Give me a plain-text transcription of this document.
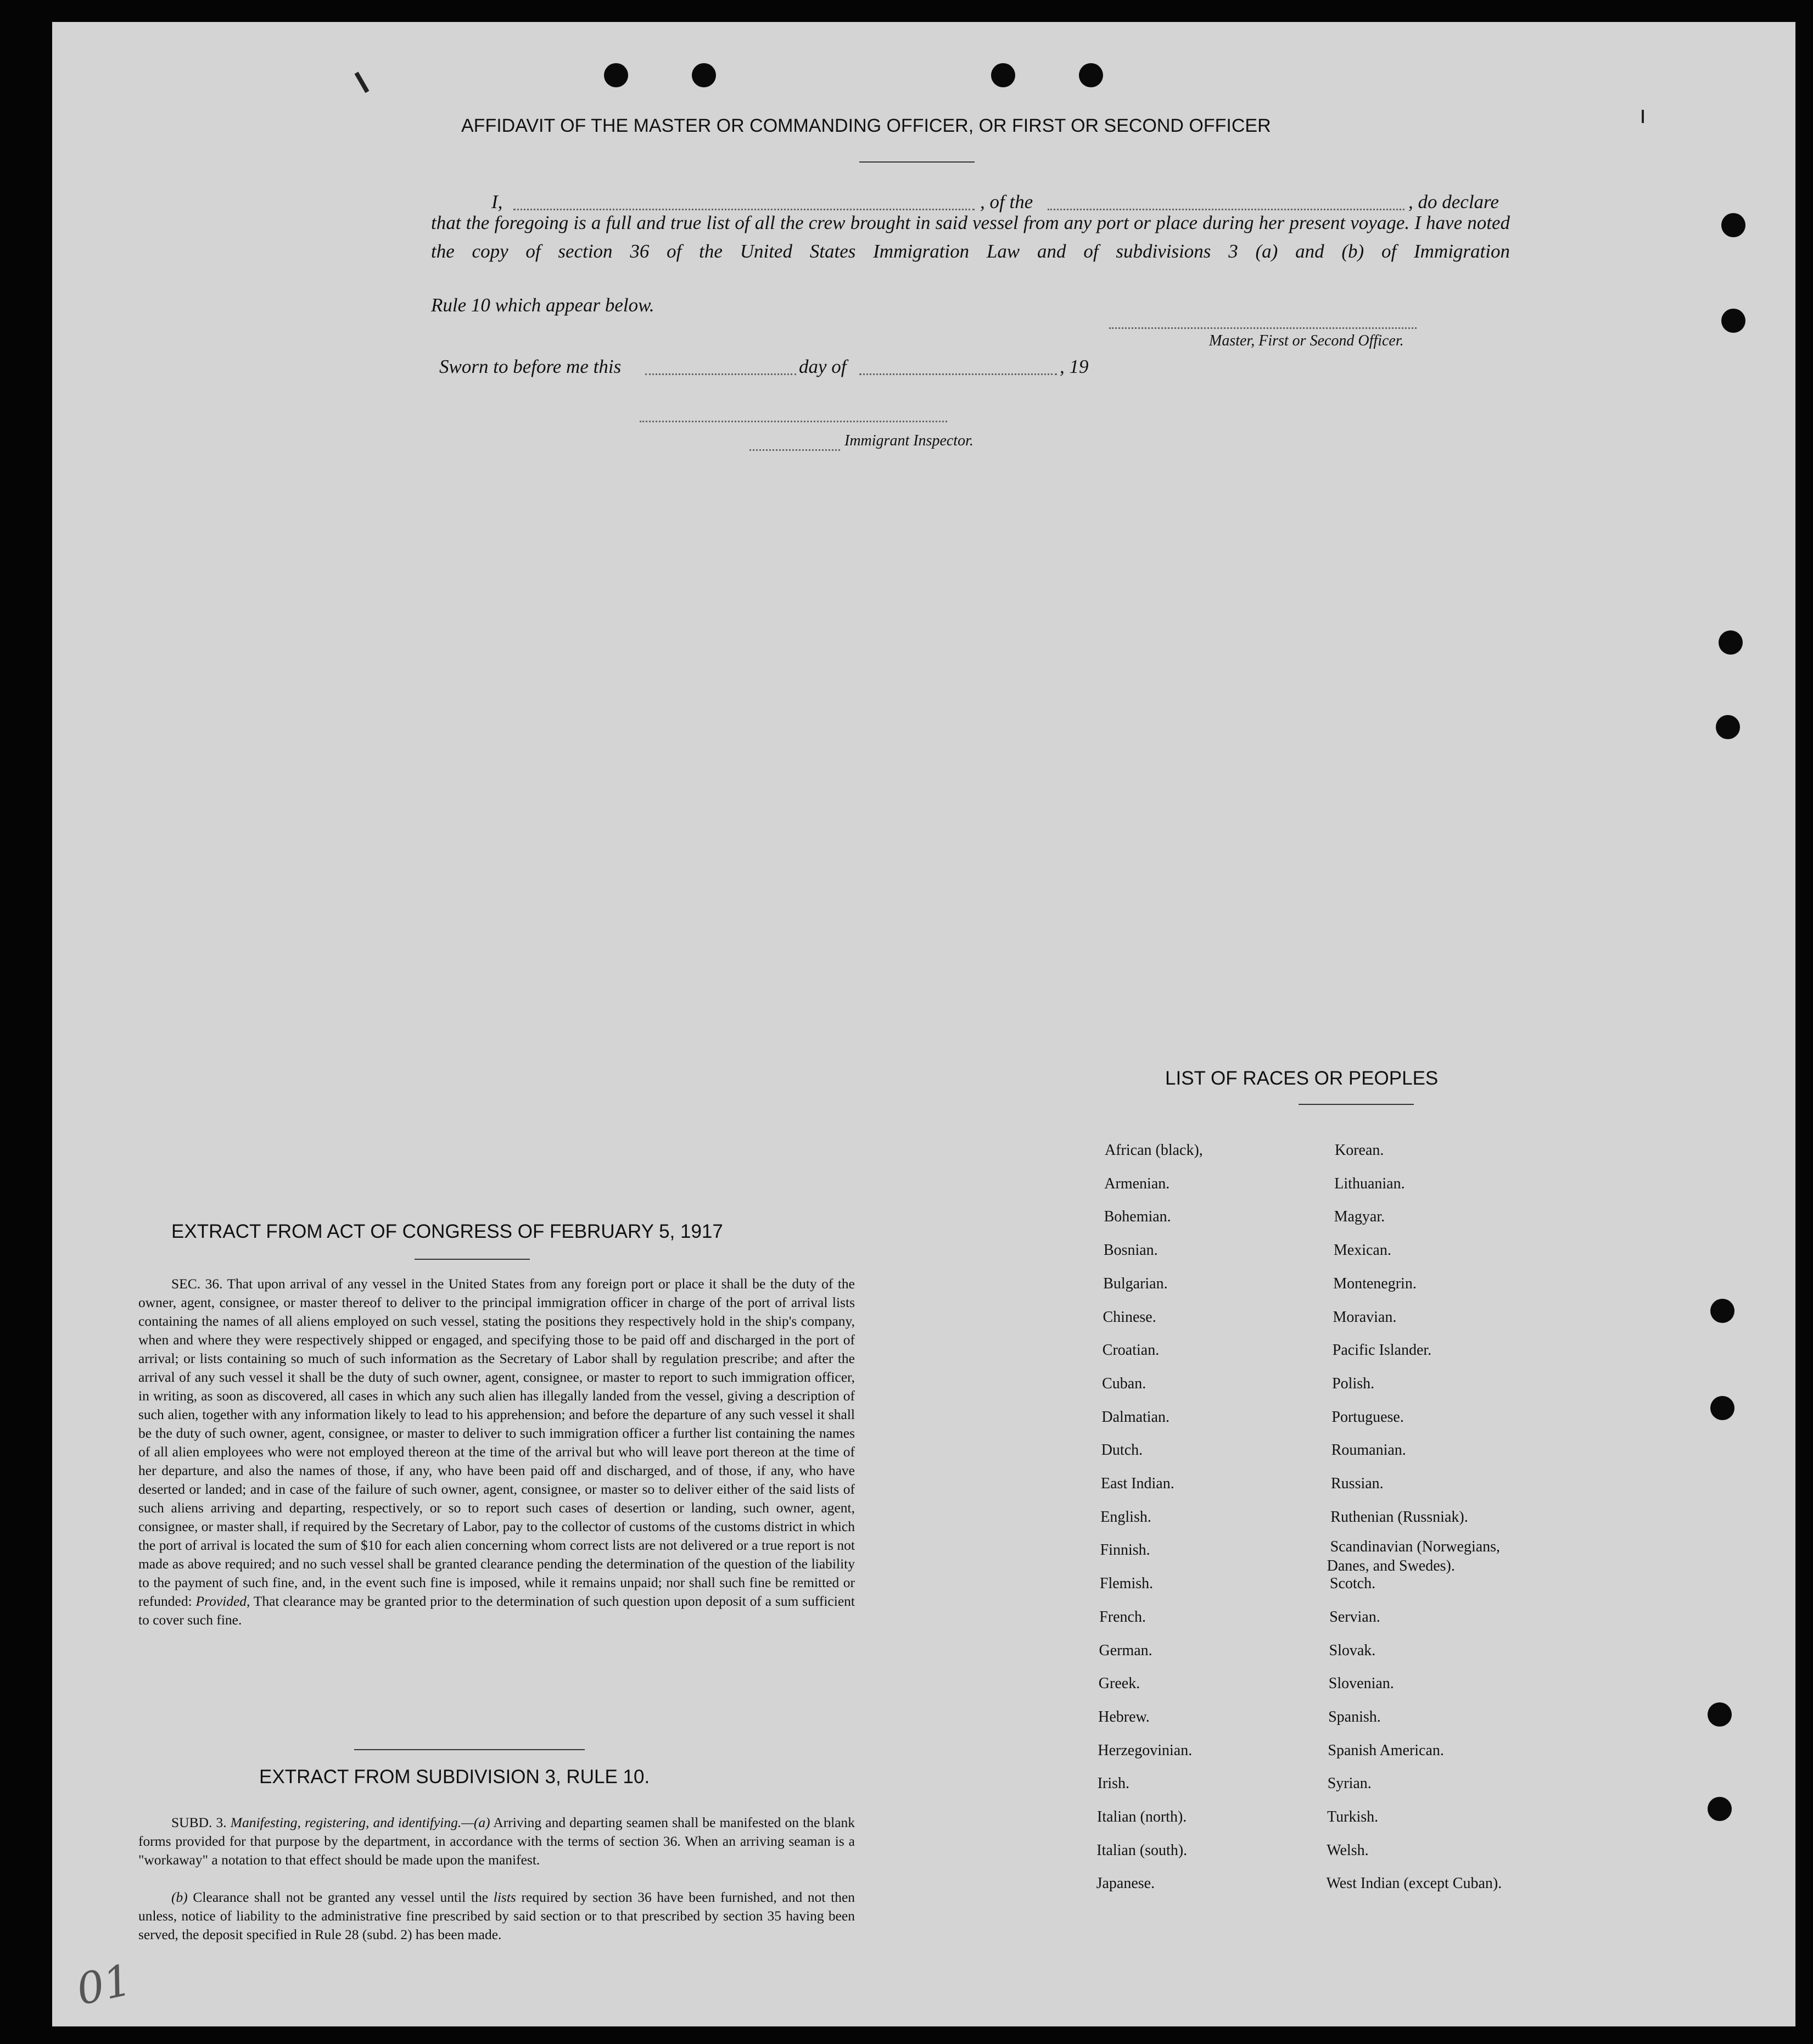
AFFIDAVIT OF THE MASTER OR COMMANDING OFFICER, OR FIRST OR SECOND OFFICER
I,	, of the	, do declare
that the foregoing is a full and true list of all the crew brought in said vessel from any port or place during her present voyage. I have noted the copy of section 36 of the United States Immigration Law and of subdivisions 3 (a) and (b) of Immigration
Rule 10 which appear below.
Master, First or Second Officer.
Sworn to before me this	day of	, 19
Immigrant Inspector.
LIST OF RACES OR PEOPLES
EXTRACT FROM ACT OF CONGRESS OF FEBRUARY 5, 1917
SEC. 36. That upon arrival of any vessel in the United States from any foreign port or place it shall be the duty of the owner, agent, consignee, or master thereof to deliver to the principal immigration officer in charge of the port of arrival lists containing the names of all aliens employed on such vessel, stating the positions they respectively hold in the ship's company, when and where they were respectively shipped or engaged, and specifying those to be paid off and discharged in the port of arrival; or lists containing so much of such information as the Secretary of Labor shall by regulation prescribe; and after the arrival of any such vessel it shall be the duty of such owner, agent, consignee, or master to report to such immigration officer, in writing, as soon as discovered, all cases in which any such alien has illegally landed from the vessel, giving a description of such alien, together with any information likely to lead to his apprehension; and before the departure of any such vessel it shall be the duty of such owner, agent, consignee, or master to deliver to such immigration officer a further list containing the names of all alien employees who were not employed thereon at the time of the arrival but who will leave port thereon at the time of her departure, and also the names of those, if any, who have been paid off and discharged, and of those, if any, who have deserted or landed; and in case of the failure of such owner, agent, consignee, or master so to deliver either of the said lists of such aliens arriving and departing, respectively, or so to report such cases of desertion or landing, such owner, agent, consignee, or master shall, if required by the Secretary of Labor, pay to the collector of customs of the customs district in which the port of arrival is located the sum of $10 for each alien concerning whom correct lists are not delivered or a true report is not made as above required; and no such vessel shall be granted clearance pending the determination of the question of the liability to the payment of such fine, and, in the event such fine is imposed, while it remains unpaid; nor shall such fine be remitted or refunded: Provided, That clearance may be granted prior to the determination of such question upon deposit of a sum sufficient to cover such fine.
EXTRACT FROM SUBDIVISION 3, RULE 10.
SUBD. 3. Manifesting, registering, and identifying.—(a) Arriving and departing seamen shall be manifested on the blank forms provided for that purpose by the department, in accordance with the terms of section 36. When an arriving seaman is a "workaway" a notation to that effect should be made upon the manifest.
(b) Clearance shall not be granted any vessel until the lists required by section 36 have been furnished, and not then unless, notice of liability to the administrative fine prescribed by said section or to that prescribed by section 35 having been served, the deposit specified in Rule 28 (subd. 2) has been made.
01
African (black),
Armenian.
Bohemian.
Bosnian.
Bulgarian.
Chinese.
Croatian.
Cuban.
Dalmatian.
Dutch.
East Indian.
English.
Finnish.
Flemish.
French.
German.
Greek.
Hebrew.
Herzegovinian.
Irish.
Italian (north).
Italian (south).
Japanese.
Korean.
Lithuanian.
Magyar.
Mexican.
Montenegrin.
Moravian.
Pacific Islander.
Polish.
Portuguese.
Roumanian.
Russian.
Ruthenian (Russniak).
Scandinavian (Norwegians,
Danes, and Swedes).
Scotch.
Servian.
Slovak.
Slovenian.
Spanish.
Spanish American.
Syrian.
Turkish.
Welsh.
West Indian (except Cuban).
